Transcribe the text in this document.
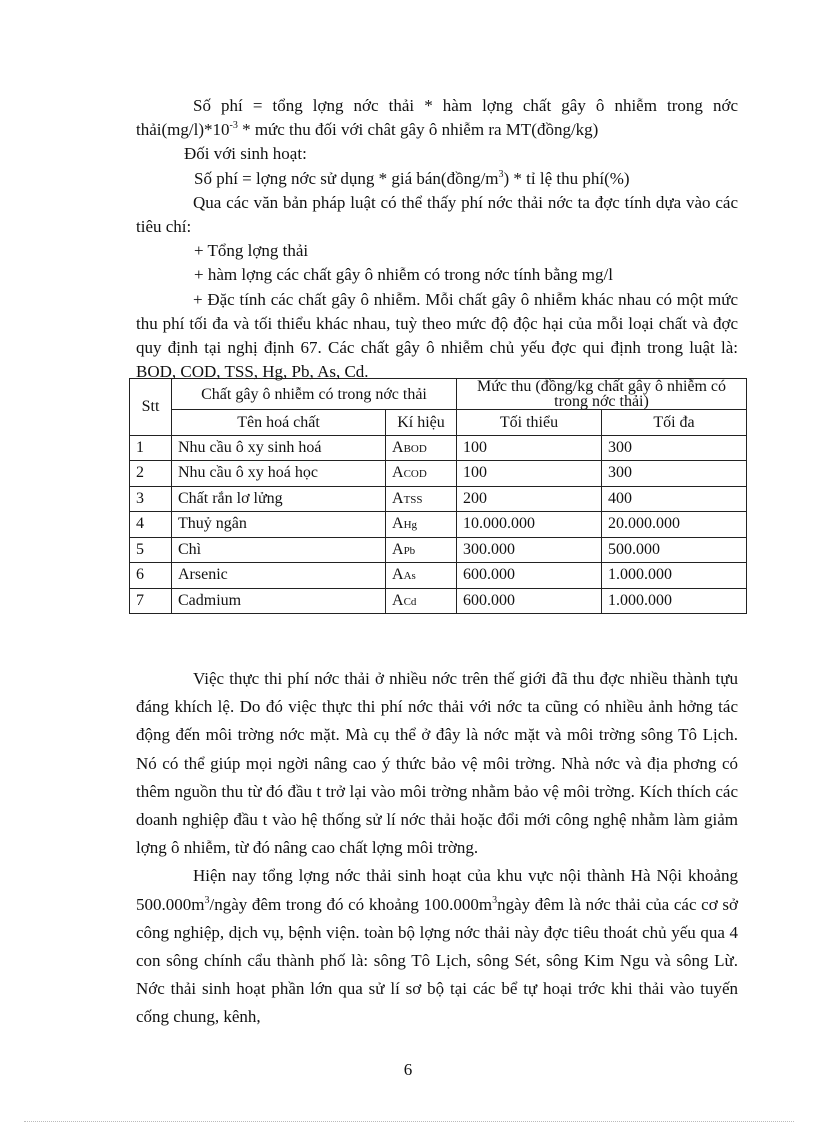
Số phí = tổng lợng nớc thải * hàm lợng chất gây ô nhiễm trong nớc $thải(mg/l)*10^{-3}$ * mức thu đối với chât gây ô nhiễm ra MT(đồng/kg)

Đối với sinh hoạt:

Số phí = lợng nớc sử dụng * giá $bán(đồng/m^3)$ * tỉ lệ thu phí(%)

Qua các văn bản pháp luật có thể thấy phí nớc thải nớc ta đợc tính dựa vào các tiêu chí:

+ Tổng lợng thải

+ hàm lợng các chất gây ô nhiễm có trong nớc tính bằng mg/l

+ Đặc tính các chất gây ô nhiễm. Mỗi chất gây ô nhiễm khác nhau có một mức thu phí tối đa và tối thiểu khác nhau, tuỳ theo mức độ độc hại của mỗi loại chất và đợc quy định tại nghị định 67. Các chất gây ô nhiễm chủ yếu đợc qui định trong luật là: BOD, COD, TSS, Hg, Pb, As, Cd.

Stt	Chất gây ô nhiễm có trong nớc thải		Mức thu (đồng/kg chất gây ô nhiễm có trong nớc thải)	
	Tên hoá chất	Kí hiệu	Tối thiểu	Tối đa
1	Nhu cầu ô xy sinh hoá	ABOD	100	300
2	Nhu cầu ô xy hoá học	ACOD	100	300
3	Chất rắn lơ lửng	ATSS	200	400
4	Thuỷ ngân	AHg	10.000.000	20.000.000
5	Chì	APb	300.000	500.000
6	Arsenic	AAs	600.000	1.000.000
7	Cadmium	ACd	600.000	1.000.000

Việc thực thi phí nớc thải ở nhiều nớc trên thế giới đã thu đợc nhiều thành tựu đáng khích lệ. Do đó việc thực thi phí nớc thải với nớc ta cũng có nhiều ảnh hởng tác động đến môi trờng nớc mặt. Mà cụ thể ở đây là nớc mặt và môi trờng sông Tô Lịch. Nó có thể giúp mọi ngời nâng cao ý thức bảo vệ môi trờng. Nhà nớc và địa phơng có thêm nguồn thu từ đó đầu t trở lại vào môi trờng nhằm bảo vệ môi trờng. Kích thích các doanh nghiệp đầu t vào hệ thống sử lí nớc thải hoặc đổi mới công nghệ nhằm làm giảm lợng ô nhiễm, từ đó nâng cao chất lợng môi trờng.

Hiện nay tổng lợng nớc thải sinh hoạt của khu vực nội thành Hà Nội khoảng $500.000m^3$/ngày đêm trong đó có khoảng $100.000m^3ngày$ đêm là nớc thải của các cơ sở công nghiệp, dịch vụ, bệnh viện. toàn bộ lợng nớc thải này đợc tiêu thoát chủ yếu qua 4 con sông chính cẩu thành phố là: sông Tô Lịch, sông Sét, sông Kim Ngu và sông Lừ. Nớc thải sinh hoạt phần lớn qua sử lí sơ bộ tại các bể tự hoại trớc khi thải vào tuyến cống chung, kênh,

6
